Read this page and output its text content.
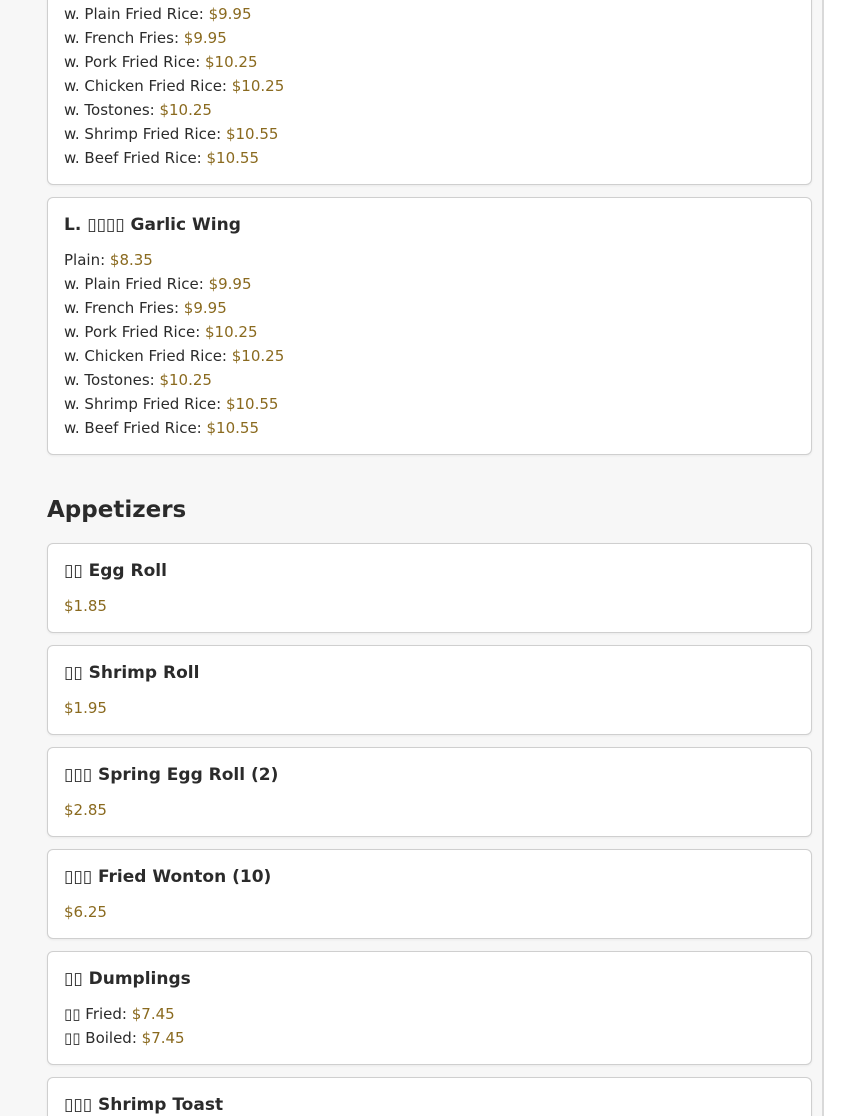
w. Plain Fried Rice: $9.95
w. French Fries: $9.95
w. Pork Fried Rice: $10.25
w. Chicken Fried Rice: $10.25
w. Tostones: $10.25
w. Shrimp Fried Rice: $10.55
w. Beef Fried Rice: $10.55
L. ▯▯▯▯ Garlic Wing
Plain: $8.35
w. Plain Fried Rice: $9.95
w. French Fries: $9.95
w. Pork Fried Rice: $10.25
w. Chicken Fried Rice: $10.25
w. Tostones: $10.25
w. Shrimp Fried Rice: $10.55
w. Beef Fried Rice: $10.55
Appetizers
▯▯ Egg Roll
$1.85
▯▯ Shrimp Roll
$1.95
▯▯▯ Spring Egg Roll (2)
$2.85
▯▯▯ Fried Wonton (10)
$6.25
▯▯ Dumplings
▯▯ Fried: $7.45
▯▯ Boiled: $7.45
▯▯▯ Shrimp Toast
